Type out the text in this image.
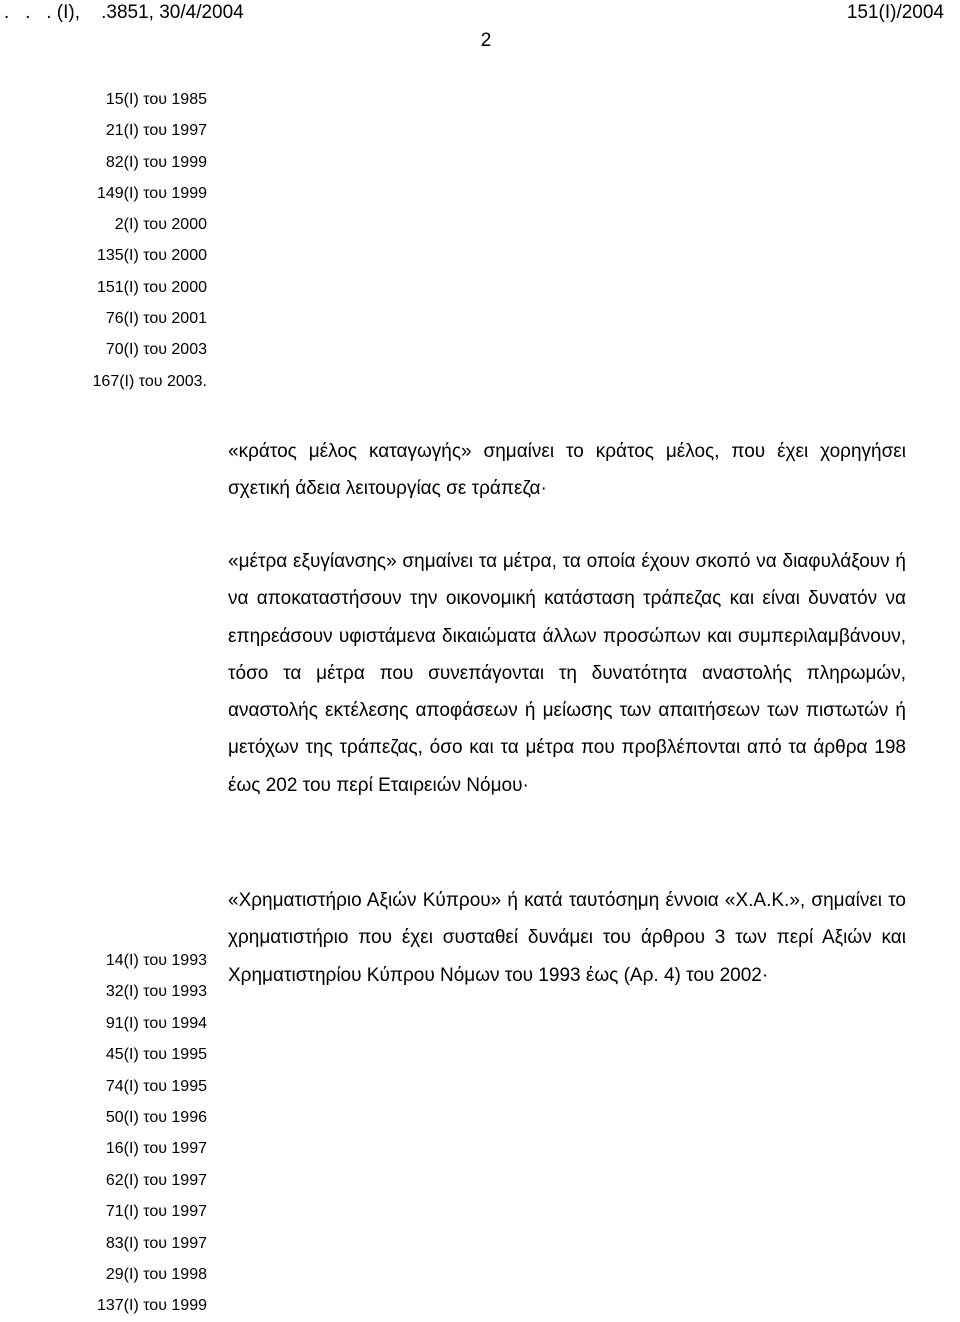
.   .   . (Ι),    .3851, 30/4/2004	151(Ι)/2004
2
15(Ι) του 1985
21(Ι) του 1997
82(Ι) του 1999
149(Ι) του 1999
2(Ι) του 2000
135(Ι) του 2000
151(Ι) του 2000
76(Ι) του 2001
70(Ι) του 2003
167(Ι) του 2003.

«κράτος μέλος καταγωγής» σημαίνει το κράτος μέλος, που έχει χορηγήσει σχετική άδεια λειτουργίας σε τράπεζα·

«μέτρα εξυγίανσης» σημαίνει τα μέτρα, τα οποία έχουν σκοπό να διαφυλάξουν ή να αποκαταστήσουν την οικονομική κατάσταση τράπεζας και είναι δυνατόν να επηρεάσουν υφιστάμενα δικαιώματα άλλων προσώπων και συμπεριλαμβάνουν, τόσο τα μέτρα που συνεπάγονται τη δυνατότητα αναστολής πληρωμών, αναστολής εκτέλεσης αποφάσεων ή μείωσης των απαιτήσεων των πιστωτών ή μετόχων της τράπεζας, όσο και τα μέτρα που προβλέπονται από τα άρθρα 198 έως 202 του περί Εταιρειών Νόμου·

«Χρηματιστήριο Αξιών Κύπρου» ή κατά ταυτόσημη έννοια «Χ.Α.Κ.», σημαίνει το χρηματιστήριο που έχει συσταθεί δυνάμει του άρθρου 3 των περί Αξιών και Χρηματιστηρίου Κύπρου Νόμων του 1993 έως (Αρ. 4) του 2002·

14(Ι) του 1993
32(Ι) του 1993
91(Ι) του 1994
45(Ι) του 1995
74(Ι) του 1995
50(Ι) του 1996
16(Ι) του 1997
62(Ι) του 1997
71(Ι) του 1997
83(Ι) του 1997
29(Ι) του 1998
137(Ι) του 1999
